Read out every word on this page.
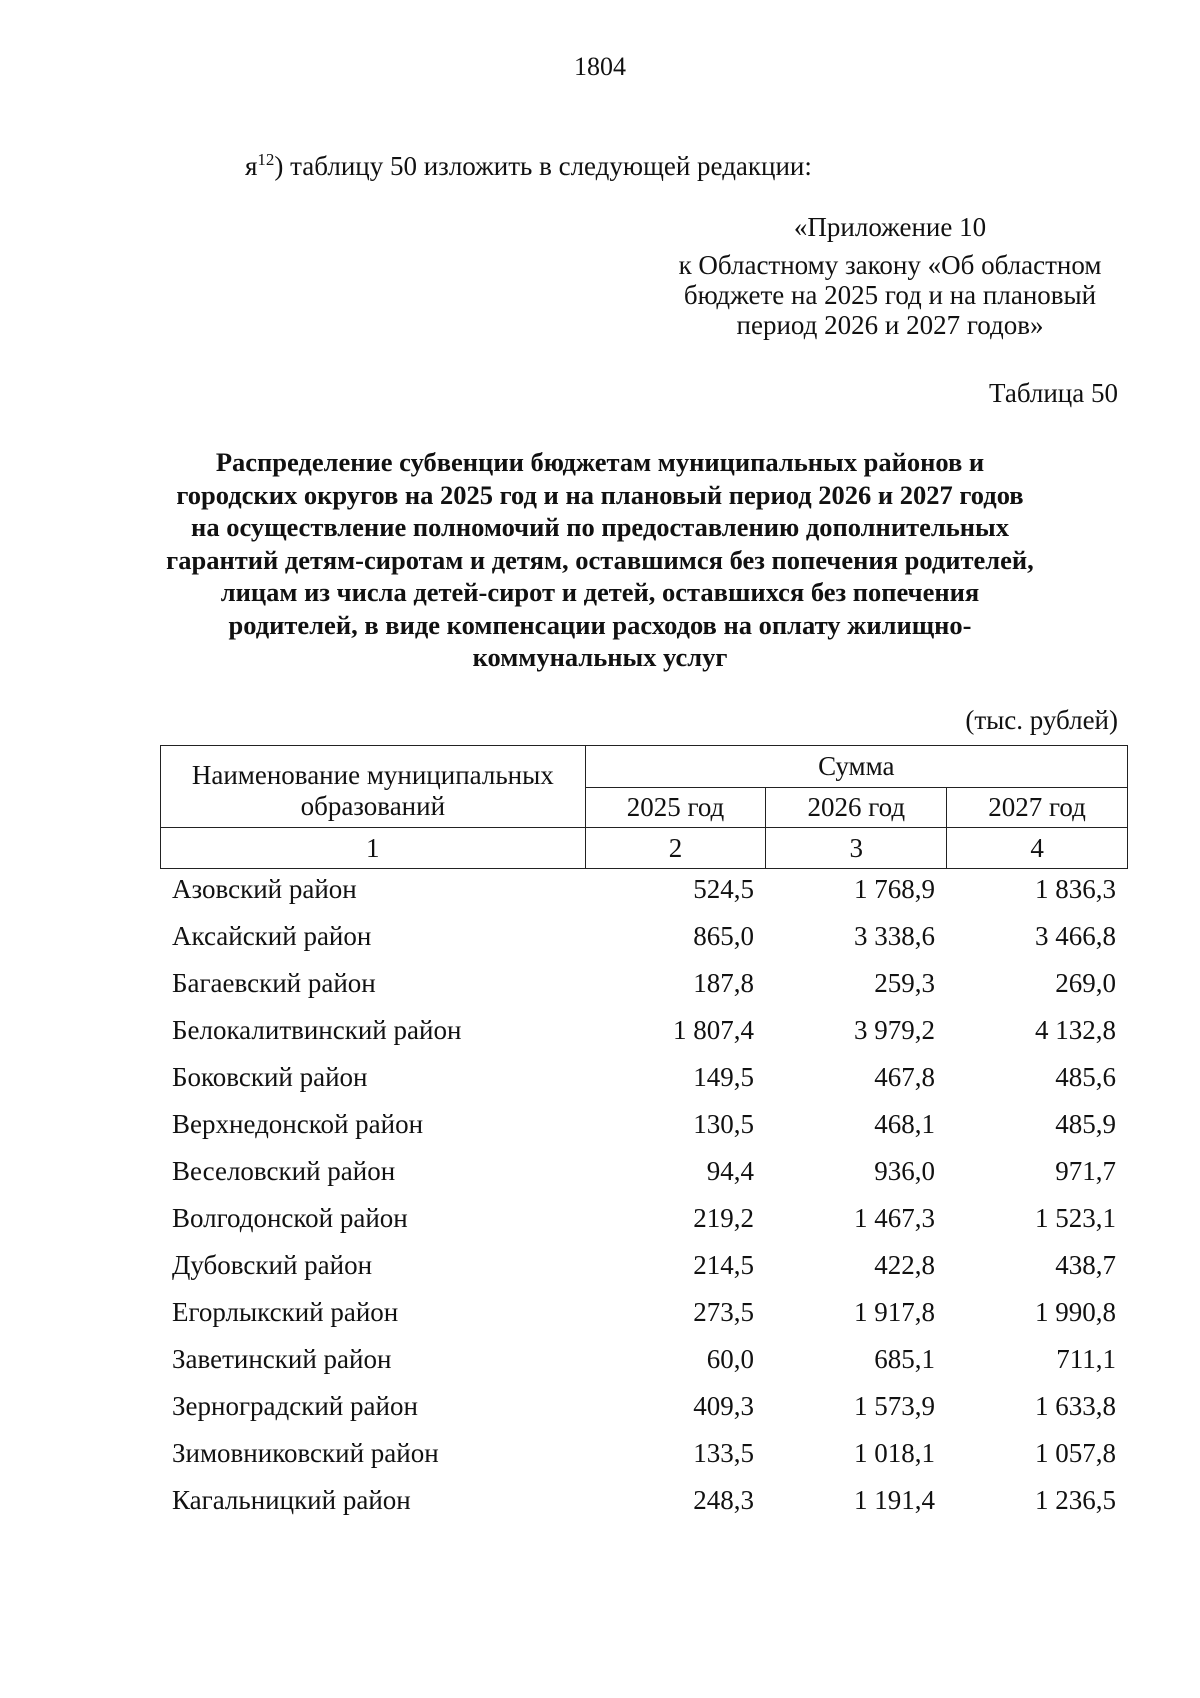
1804
$я^{12}$) таблицу 50 изложить в следующей редакции:
«Приложение 10
к Областному закону «Об областном
бюджете на 2025 год и на плановый
период 2026 и 2027 годов»
Таблица 50
Распределение субвенции бюджетам муниципальных районов и
городских округов на 2025 год и на плановый период 2026 и 2027 годов
на осуществление полномочий по предоставлению дополнительных
гарантий детям-сиротам и детям, оставшимся без попечения родителей,
лицам из числа детей-сирот и детей, оставшихся без попечения
родителей, в виде компенсации расходов на оплату жилищно-
коммунальных услуг
(тыс. рублей)
Наименование муниципальных
образований	Сумма		
	2025 год	2026 год	2027 год
1	2	3	4
Азовский район	524,5	1 768,9	1 836,3
Аксайский район	865,0	3 338,6	3 466,8
Багаевский район	187,8	259,3	269,0
Белокалитвинский район	1 807,4	3 979,2	4 132,8
Боковский район	149,5	467,8	485,6
Верхнедонской район	130,5	468,1	485,9
Веселовский район	94,4	936,0	971,7
Волгодонской район	219,2	1 467,3	1 523,1
Дубовский район	214,5	422,8	438,7
Егорлыкский район	273,5	1 917,8	1 990,8
Заветинский район	60,0	685,1	711,1
Зерноградский район	409,3	1 573,9	1 633,8
Зимовниковский район	133,5	1 018,1	1 057,8
Кагальницкий район	248,3	1 191,4	1 236,5
